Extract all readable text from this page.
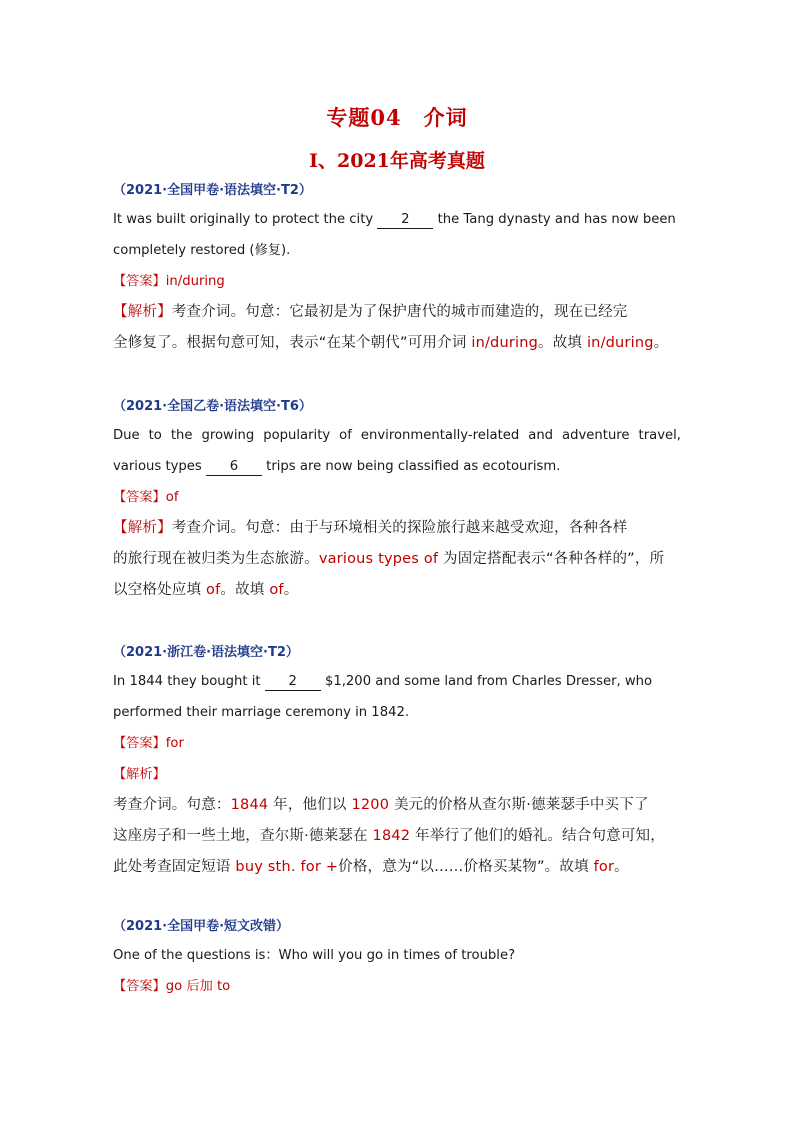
专题04　介词
I、2021年高考真题
（2021·全国甲卷·语法填空·T2）
It was built originally to protect the city 2 the Tang dynasty and has now been
completely restored (修复).
【答案】in/during
【解析】考查介词。句意：它最初是为了保护唐代的城市而建造的，现在已经完
全修复了。根据句意可知，表示“在某个朝代”可用介词 in/during。故填 in/during。
（2021·全国乙卷·语法填空·T6）
Due to the growing popularity of environmentally-related and adventure travel,
various types 6 trips are now being classified as ecotourism.
【答案】of
【解析】考查介词。句意：由于与环境相关的探险旅行越来越受欢迎，各种各样
的旅行现在被归类为生态旅游。various types of 为固定搭配表示“各种各样的”，所
以空格处应填 of。故填 of。
（2021·浙江卷·语法填空·T2）
In 1844 they bought it 2 $1,200 and some land from Charles Dresser, who
performed their marriage ceremony in 1842.
【答案】for
【解析】
考查介词。句意：1844 年，他们以 1200 美元的价格从查尔斯·德莱瑟手中买下了
这座房子和一些土地，查尔斯·德莱瑟在 1842 年举行了他们的婚礼。结合句意可知，
此处考查固定短语 buy sth. for +价格，意为“以……价格买某物”。故填 for。
（2021·全国甲卷·短文改错）
One of the questions is：Who will you go in times of trouble?
【答案】go 后加 to
